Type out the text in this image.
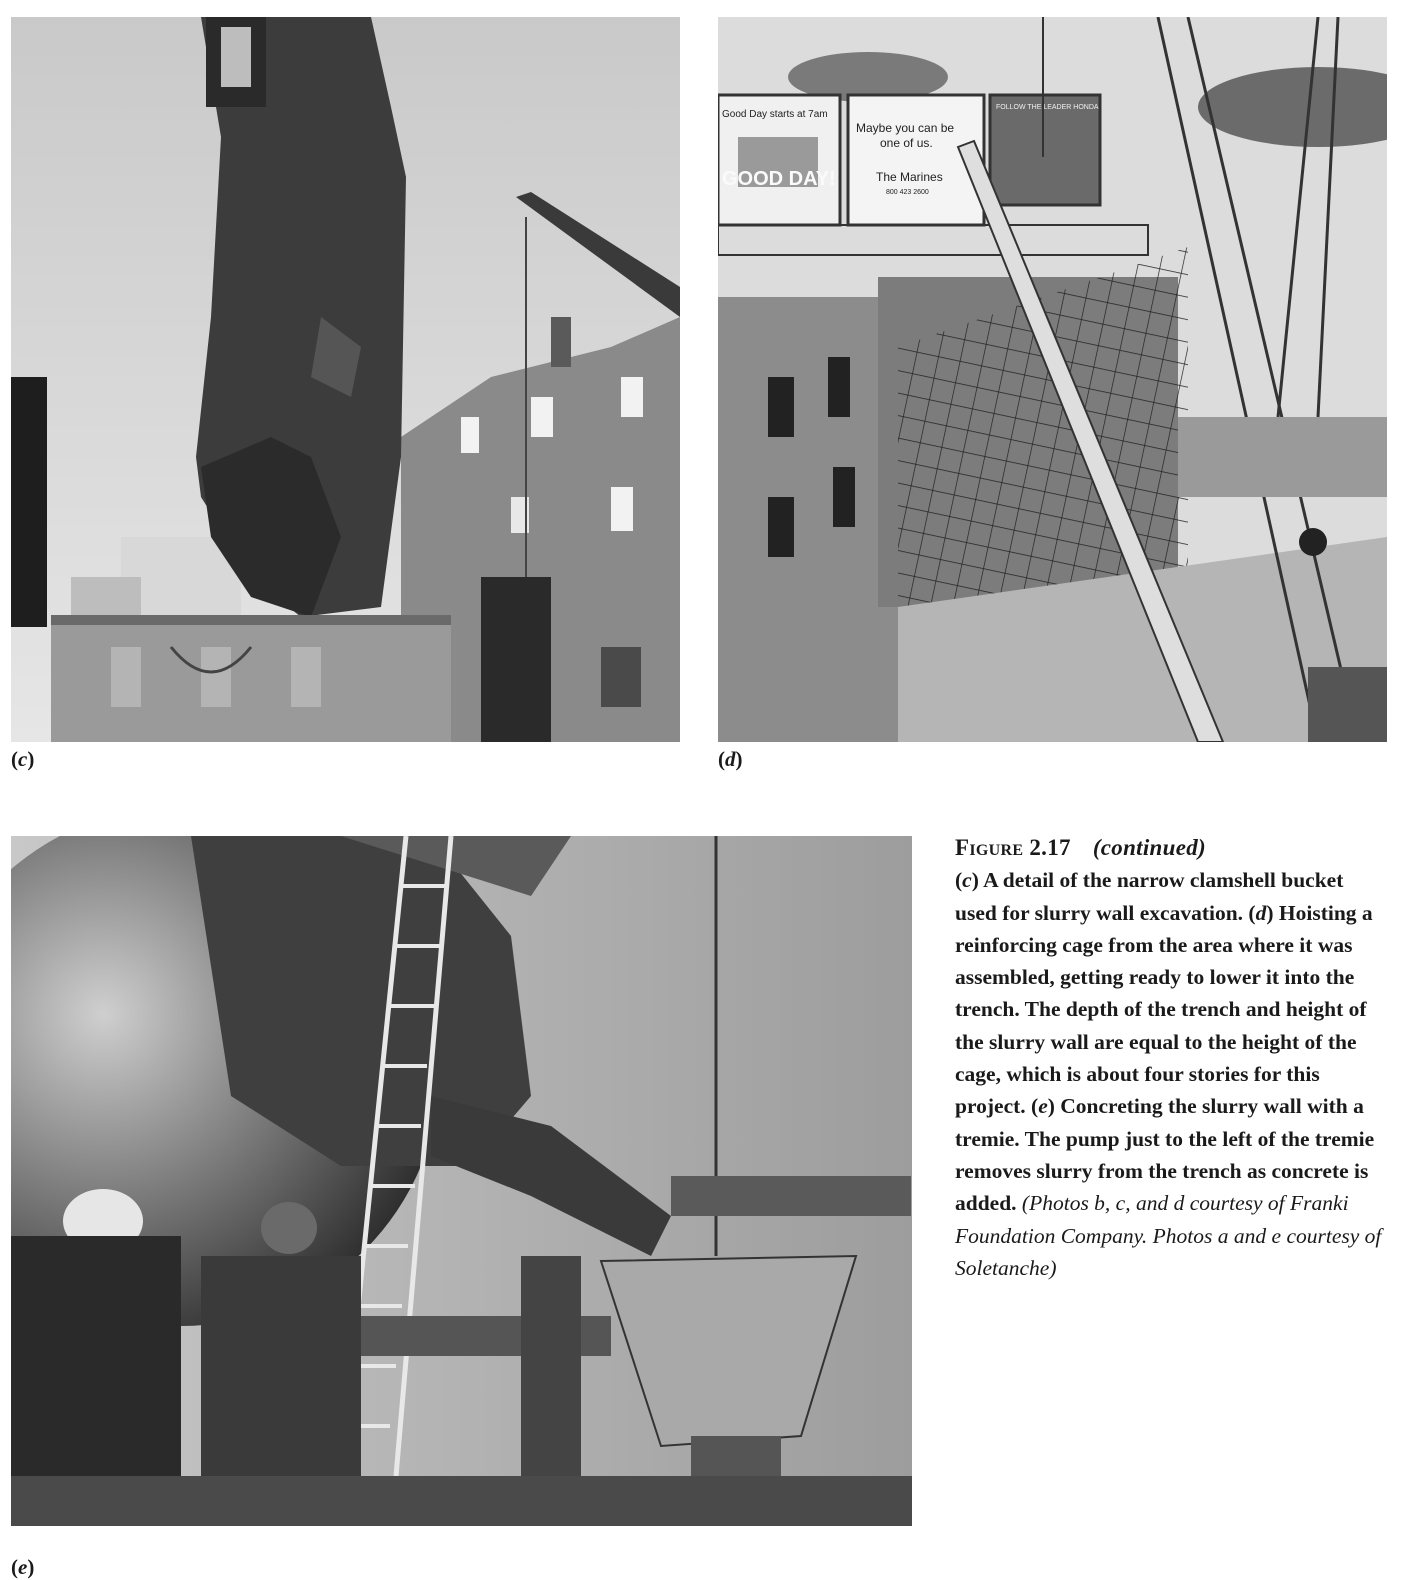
(c)
Good Day starts at 7am
GOOD DAY!
Maybe you can be
one of us.
The Marines
800 423 2600
FOLLOW THE LEADER HONDA
(d)
(e)
Figure 2.17 (continued)
(c) A detail of the narrow clamshell bucket used for slurry wall excavation. (d) Hoisting a reinforcing cage from the area where it was assembled, getting ready to lower it into the trench. The depth of the trench and height of the slurry wall are equal to the height of the cage, which is about four stories for this project. (e) Concreting the slurry wall with a tremie. The pump just to the left of the tremie removes slurry from the trench as concrete is added. (Photos b, c, and d courtesy of Franki Foundation Company. Photos a and e courtesy of Soletanche)
